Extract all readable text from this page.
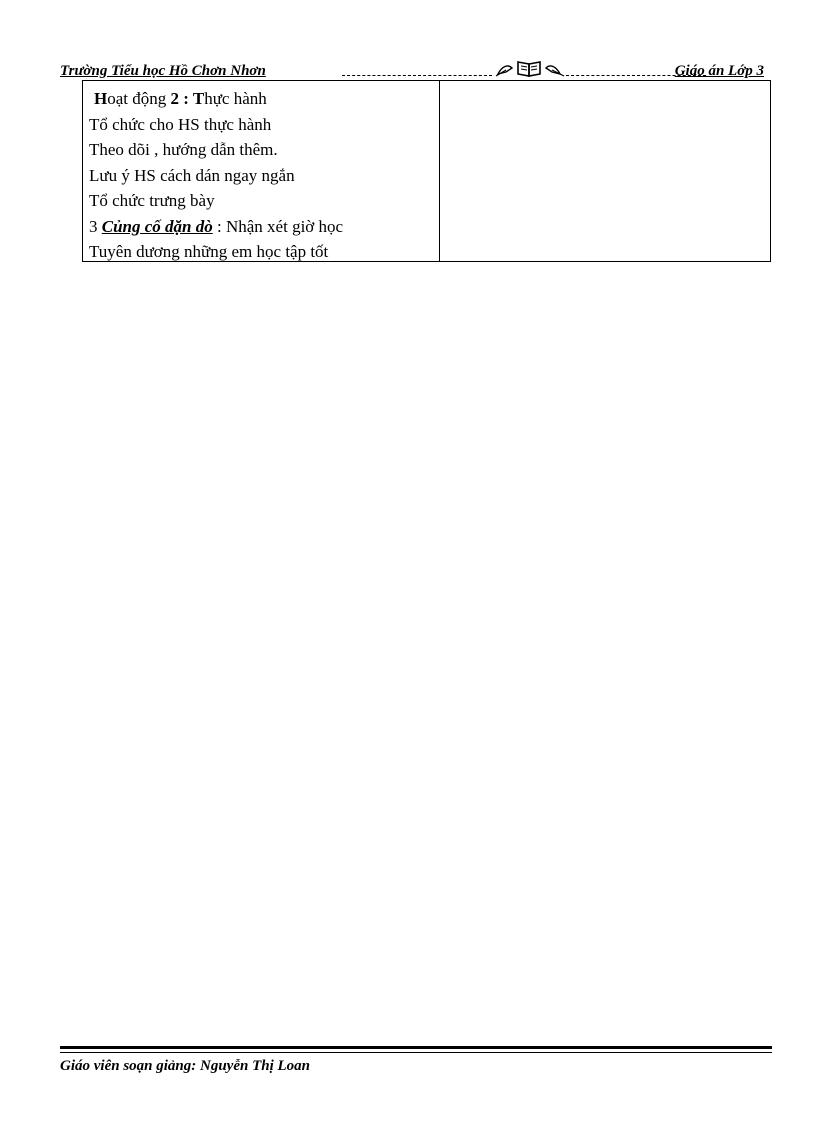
Trường Tiểu học Hồ Chơn Nhơn	Giáo án Lớp 3
Hoạt động 2 : Thực hành
Tổ chức cho HS thực hành
Theo dõi , hướng dẫn thêm.
Lưu ý HS cách dán ngay ngắn
Tổ chức trưng bày
3 Củng cố dặn dò : Nhận xét giờ học
Tuyên dương những em học tập tốt
Giáo viên soạn giảng: Nguyễn Thị Loan
